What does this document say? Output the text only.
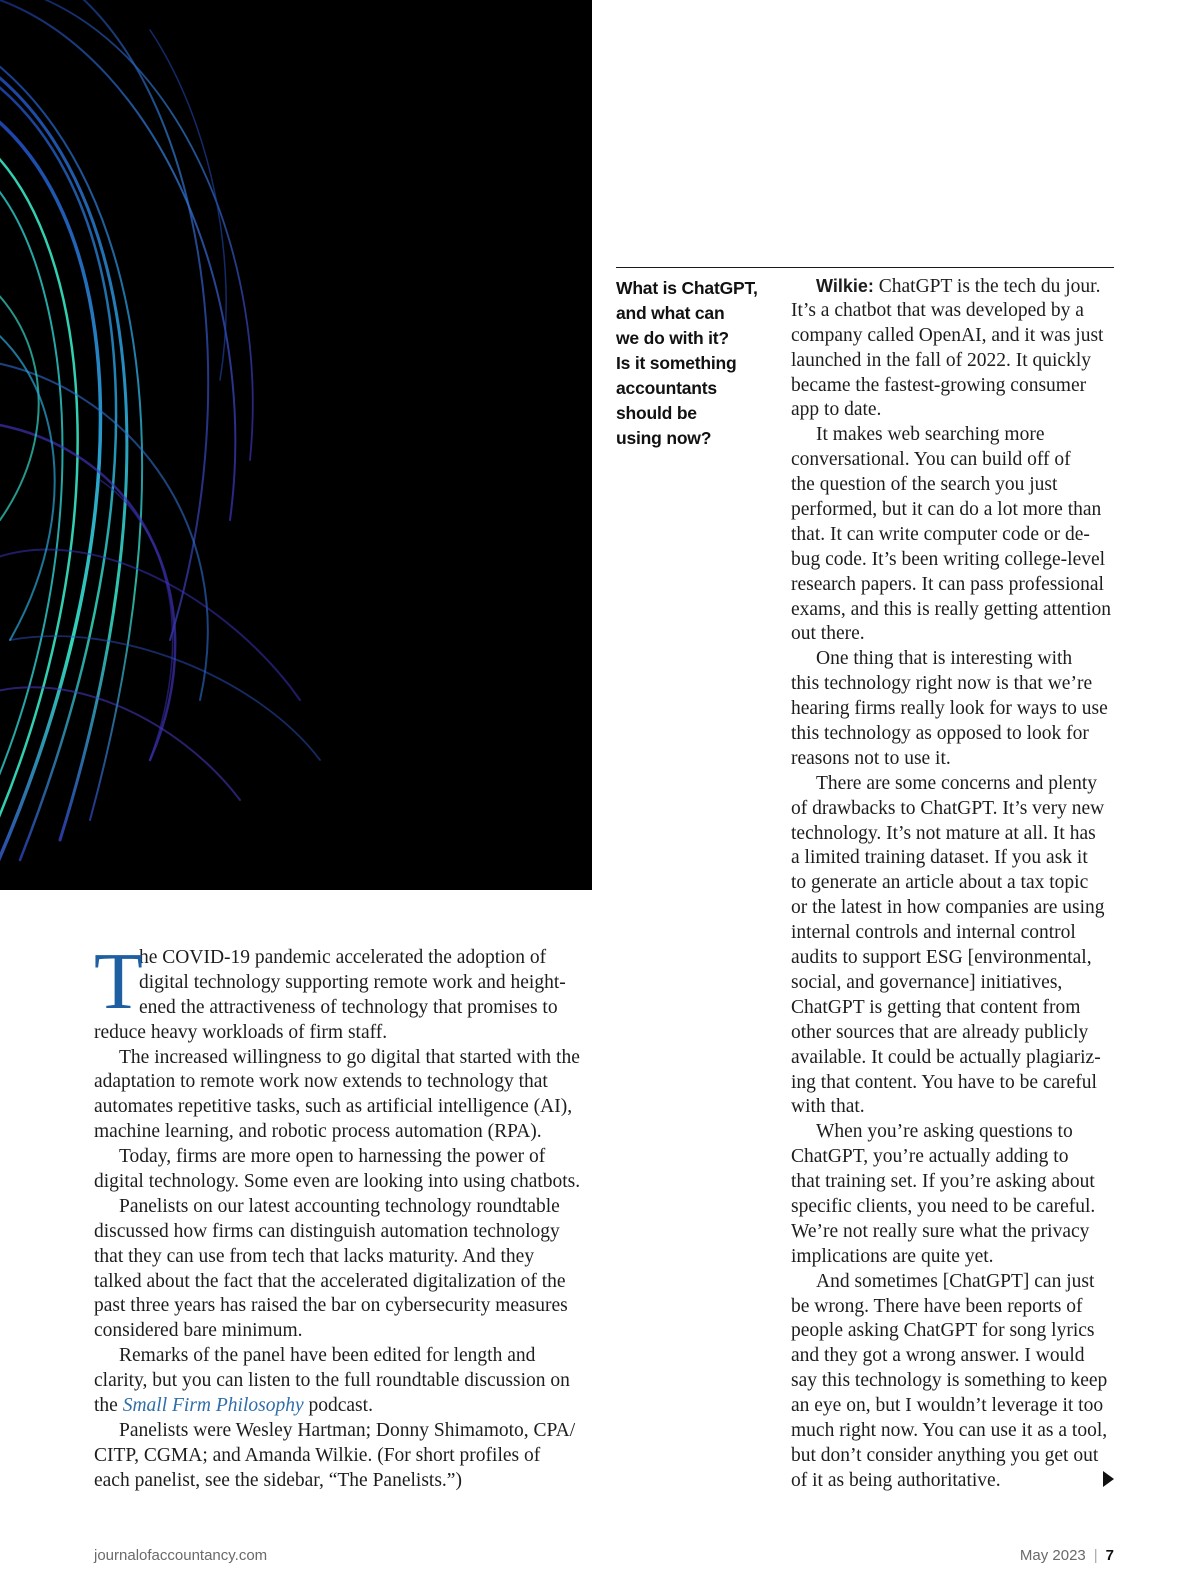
What is ChatGPT,
and what can
we do with it?
Is it something
accountants
should be
using now?
Wilkie: ChatGPT is the tech du jour.
It’s a chatbot that was developed by a
company called OpenAI, and it was just
launched in the fall of 2022. It quickly
became the fastest-growing consumer
app to date.
It makes web searching more
conversational. You can build off of
the question of the search you just
performed, but it can do a lot more than
that. It can write computer code or de-
bug code. It’s been writing college-level
research papers. It can pass professional
exams, and this is really getting attention
out there.
One thing that is interesting with
this technology right now is that we’re
hearing firms really look for ways to use
this technology as opposed to look for
reasons not to use it.
There are some concerns and plenty
of drawbacks to ChatGPT. It’s very new
technology. It’s not mature at all. It has
a limited training dataset. If you ask it
to generate an article about a tax topic
or the latest in how companies are using
internal controls and internal control
audits to support ESG [environmental,
social, and governance] initiatives,
ChatGPT is getting that content from
other sources that are already publicly
available. It could be actually plagiariz-
ing that content. You have to be careful
with that.
When you’re asking questions to
ChatGPT, you’re actually adding to
that training set. If you’re asking about
specific clients, you need to be careful.
We’re not really sure what the privacy
implications are quite yet.
And sometimes [ChatGPT] can just
be wrong. There have been reports of
people asking ChatGPT for song lyrics
and they got a wrong answer. I would
say this technology is something to keep
an eye on, but I wouldn’t leverage it too
much right now. You can use it as a tool,
but don’t consider anything you get out
of it as being authoritative.
T
he COVID-19 pandemic accelerated the adoption of
digital technology supporting remote work and height-
ened the attractiveness of technology that promises to
reduce heavy workloads of firm staff.
The increased willingness to go digital that started with the
adaptation to remote work now extends to technology that
automates repetitive tasks, such as artificial intelligence (AI),
machine learning, and robotic process automation (RPA).
Today, firms are more open to harnessing the power of
digital technology. Some even are looking into using chatbots.
Panelists on our latest accounting technology roundtable
discussed how firms can distinguish automation technology
that they can use from tech that lacks maturity. And they
talked about the fact that the accelerated digitalization of the
past three years has raised the bar on cybersecurity measures
considered bare minimum.
Remarks of the panel have been edited for length and
clarity, but you can listen to the full roundtable discussion on
the Small Firm Philosophy podcast.
Panelists were Wesley Hartman; Donny Shimamoto, CPA/
CITP, CGMA; and Amanda Wilkie. (For short profiles of
each panelist, see the sidebar, “The Panelists.”)
journalofaccountancy.com	May 2023 | 7
